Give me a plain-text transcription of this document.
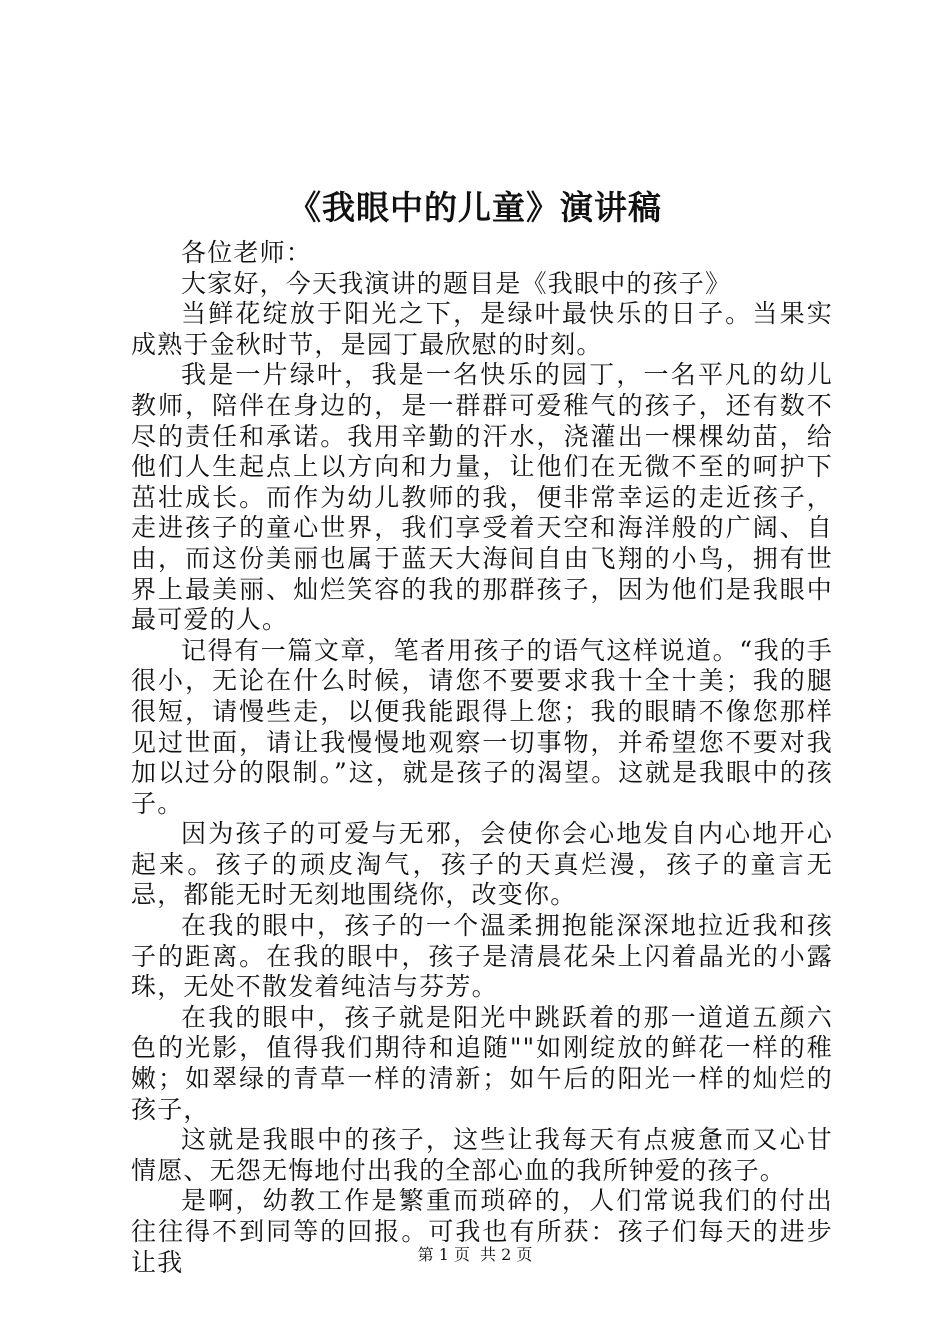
《我眼中的儿童》演讲稿

各位老师：

大家好，今天我演讲的题目是《我眼中的孩子》

当鲜花绽放于阳光之下，是绿叶最快乐的日子。当果实成熟于金秋时节，是园丁最欣慰的时刻。

我是一片绿叶，我是一名快乐的园丁，一名平凡的幼儿教师，陪伴在身边的，是一群群可爱稚气的孩子，还有数不尽的责任和承诺。我用辛勤的汗水，浇灌出一棵棵幼苗，给他们人生起点上以方向和力量，让他们在无微不至的呵护下茁壮成长。而作为幼儿教师的我，便非常幸运的走近孩子，走进孩子的童心世界，我们享受着天空和海洋般的广阔、自由，而这份美丽也属于蓝天大海间自由飞翔的小鸟，拥有世界上最美丽、灿烂笑容的我的那群孩子，因为他们是我眼中最可爱的人。

记得有一篇文章，笔者用孩子的语气这样说道。“我的手很小，无论在什么时候，请您不要要求我十全十美；我的腿很短，请慢些走，以便我能跟得上您；我的眼睛不像您那样见过世面，请让我慢慢地观察一切事物，并希望您不要对我加以过分的限制。”这，就是孩子的渴望。这就是我眼中的孩子。

因为孩子的可爱与无邪，会使你会心地发自内心地开心起来。孩子的顽皮淘气，孩子的天真烂漫，孩子的童言无忌，都能无时无刻地围绕你，改变你。

在我的眼中，孩子的一个温柔拥抱能深深地拉近我和孩子的距离。在我的眼中，孩子是清晨花朵上闪着晶光的小露珠，无处不散发着纯洁与芬芳。

在我的眼中，孩子就是阳光中跳跃着的那一道道五颜六色的光影，值得我们期待和追随""如刚绽放的鲜花一样的稚嫩；如翠绿的青草一样的清新；如午后的阳光一样的灿烂的孩子，

这就是我眼中的孩子，这些让我每天有点疲惫而又心甘情愿、无怨无悔地付出我的全部心血的我所钟爱的孩子。

是啊，幼教工作是繁重而琐碎的，人们常说我们的付出往往得不到同等的回报。可我也有所获：孩子们每天的进步让我	第 1 页 共 2 页
